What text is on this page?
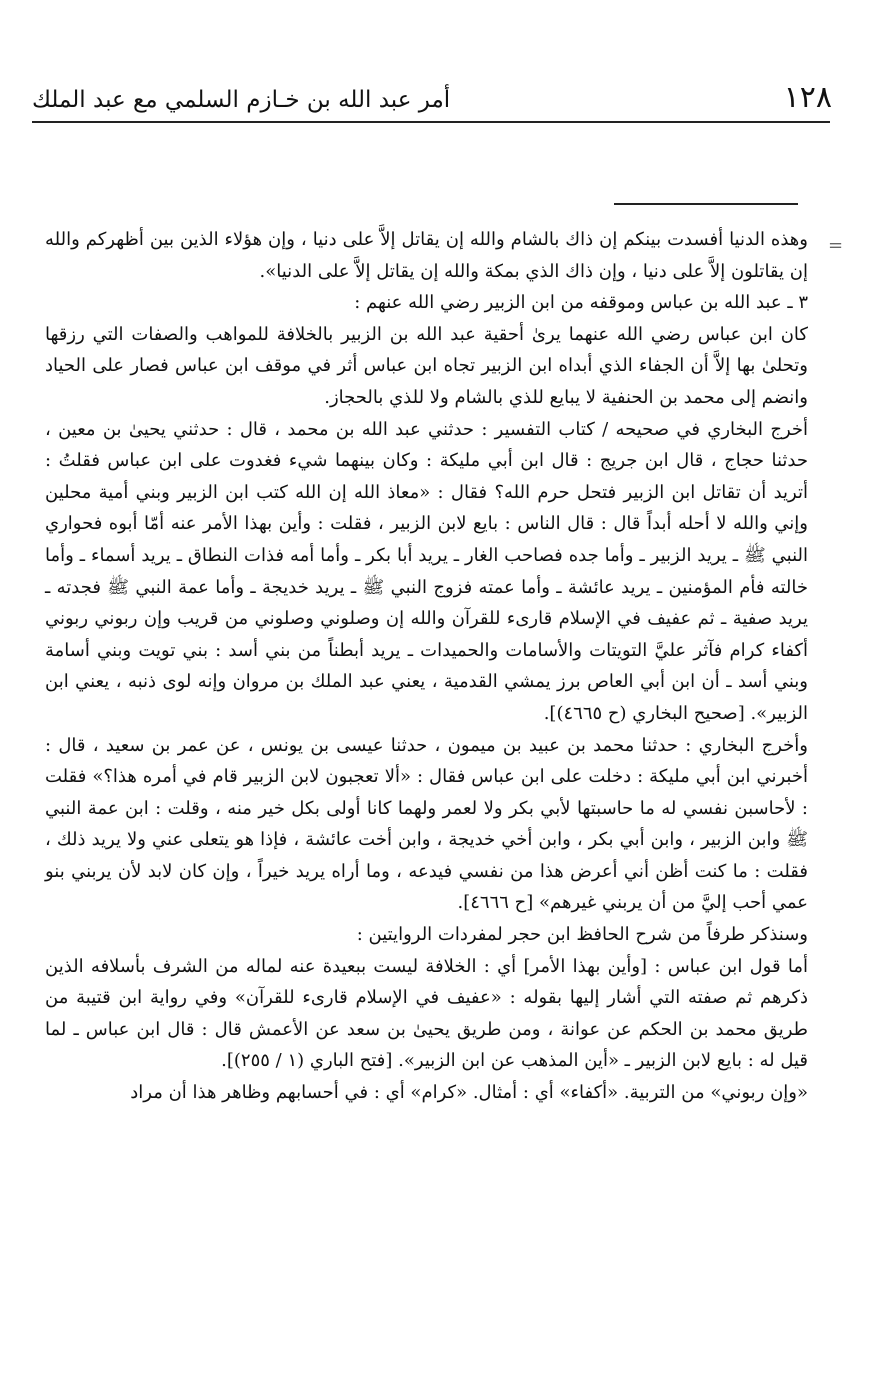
١٢٨
أمر عبد الله بن خـازم السلمي مع عبد الملك
=

وهذه الدنيا أفسدت بينكم إن ذاك بالشام والله إن يقاتل إلاَّ على دنيا ، وإن هؤلاء الذين بين أظهركم والله إن يقاتلون إلاَّ على دنيا ، وإن ذاك الذي بمكة والله إن يقاتل إلاَّ على الدنيا».

٣ ـ عبد الله بن عباس وموقفه من ابن الزبير رضي الله عنهم :

كان ابن عباس رضي الله عنهما يرىٰ أحقية عبد الله بن الزبير بالخلافة للمواهب والصفات التي رزقها وتحلىٰ بها إلاَّ أن الجفاء الذي أبداه ابن الزبير تجاه ابن عباس أثر في موقف ابن عباس فصار على الحياد وانضم إلى محمد بن الحنفية لا يبايع للذي بالشام ولا للذي بالحجاز.

أخرج البخاري في صحيحه / كتاب التفسير : حدثني عبد الله بن محمد ، قال : حدثني يحيىٰ بن معين ، حدثنا حجاج ، قال ابن جريج : قال ابن أبي مليكة : وكان بينهما شيء فغدوت على ابن عباس فقلتُ : أتريد أن تقاتل ابن الزبير فتحل حرم الله؟ فقال : «معاذ الله إن الله كتب ابن الزبير وبني أمية محلين وإني والله لا أحله أبداً قال : قال الناس : بايع لابن الزبير ، فقلت : وأين بهذا الأمر عنه أمّا أبوه فحواري النبي ﷺ ـ يريد الزبير ـ وأما جده فصاحب الغار ـ يريد أبا بكر ـ وأما أمه فذات النطاق ـ يريد أسماء ـ وأما خالته فأم المؤمنين ـ يريد عائشة ـ وأما عمته فزوج النبي ﷺ ـ يريد خديجة ـ وأما عمة النبي ﷺ فجدته ـ يريد صفية ـ ثم عفيف في الإسلام قارىء للقرآن والله إن وصلوني وصلوني من قريب وإن ربوني ربوني أكفاء كرام فآثر عليَّ التويتات والأسامات والحميدات ـ يريد أبطناً من بني أسد : بني تويت وبني أسامة وبني أسد ـ أن ابن أبي العاص برز يمشي القدمية ، يعني عبد الملك بن مروان وإنه لوى ذنبه ، يعني ابن الزبير». [صحيح البخاري (ح ٤٦٦٥)].

وأخرج البخاري : حدثنا محمد بن عبيد بن ميمون ، حدثنا عيسى بن يونس ، عن عمر بن سعيد ، قال : أخبرني ابن أبي مليكة : دخلت على ابن عباس فقال : «ألا تعجبون لابن الزبير قام في أمره هذا؟» فقلت : لأحاسبن نفسي له ما حاسبتها لأبي بكر ولا لعمر ولهما كانا أولى بكل خير منه ، وقلت : ابن عمة النبي ﷺ وابن الزبير ، وابن أبي بكر ، وابن أخي خديجة ، وابن أخت عائشة ، فإذا هو يتعلى عني ولا يريد ذلك ، فقلت : ما كنت أظن أني أعرض هذا من نفسي فيدعه ، وما أراه يريد خيراً ، وإن كان لابد لأن يربني بنو عمي أحب إليَّ من أن يربني غيرهم» [ح ٤٦٦٦].

وسنذكر طرفاً من شرح الحافظ ابن حجر لمفردات الروايتين :

أما قول ابن عباس : [وأين بهذا الأمر] أي : الخلافة ليست ببعيدة عنه لماله من الشرف بأسلافه الذين ذكرهم ثم صفته التي أشار إليها بقوله : «عفيف في الإسلام قارىء للقرآن» وفي رواية ابن قتيبة من طريق محمد بن الحكم عن عوانة ، ومن طريق يحيىٰ بن سعد عن الأعمش قال : قال ابن عباس ـ لما قيل له : بايع لابن الزبير ـ «أين المذهب عن ابن الزبير». [فتح الباري (١ / ٢٥٥)].

«وإن ربوني» من التربية. «أكفاء» أي : أمثال. «كرام» أي : في أحسابهم وظاهر هذا أن مراد
